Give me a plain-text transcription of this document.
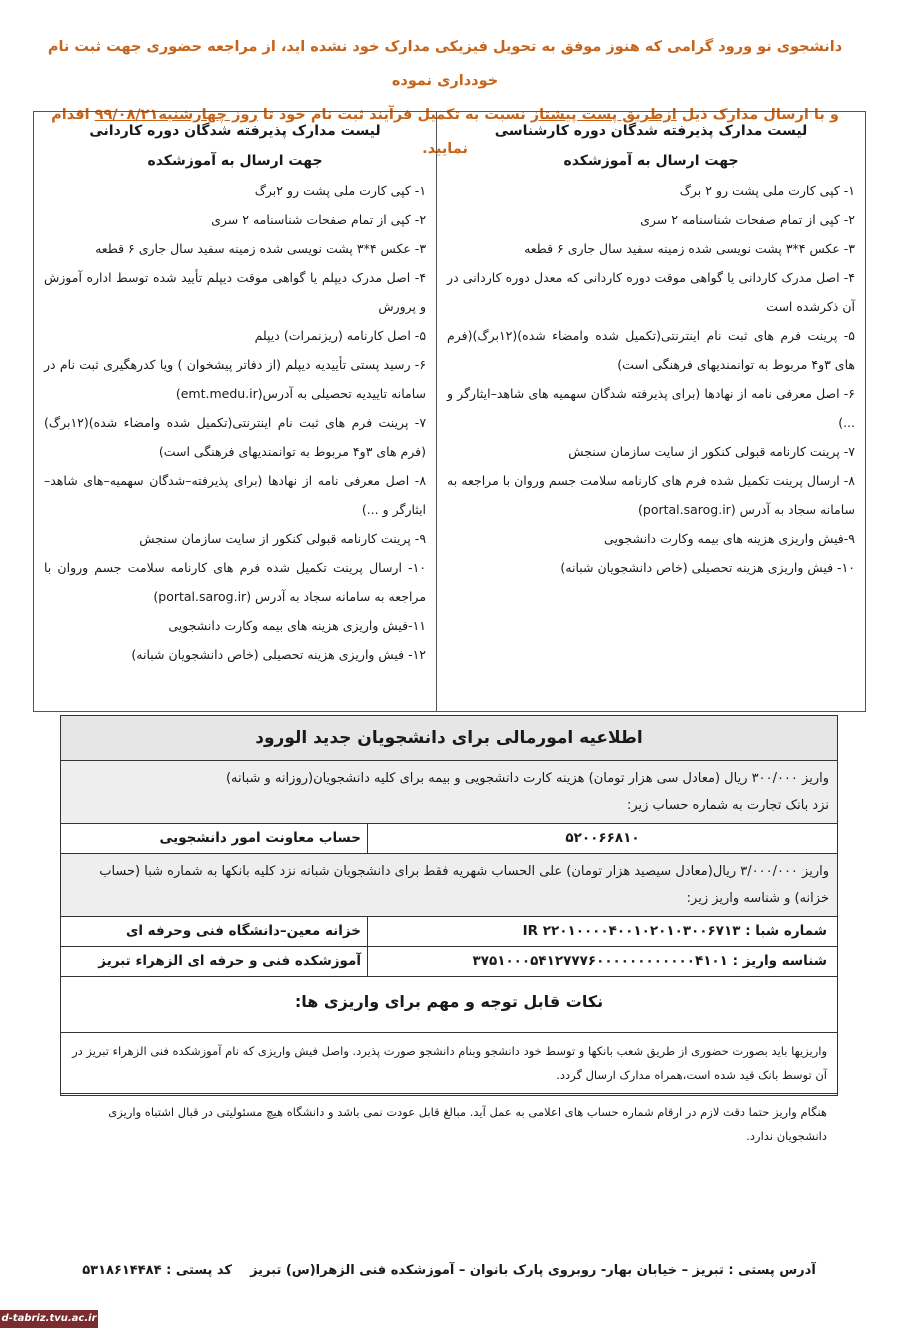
دانشجوی نو ورود گرامی که هنوز موفق به تحویل فیزیکی مدارک خود نشده اید، از مراجعه حضوری جهت ثبت نام خودداری نموده
و با ارسال مدارک ذیل ازطریق پست پیشتاز نسبت به تکمیل فرآیند ثبت نام خود تا روز چهارشنبه۹۹/۰۸/۲۱ اقدام نمایید.
لیست مدارک پذیرفته شدگان دوره کارشناسی
جهت ارسال به آموزشکده
۱- کپی کارت ملی پشت رو ۲ برگ
۲- کپی از تمام صفحات شناسنامه ۲ سری
۳- عکس ۴*۳ پشت نویسی شده زمینه سفید سال جاری ۶ قطعه
۴- اصل مدرک کاردانی یا گواهی موقت دوره کاردانی که معدل دوره کاردانی در آن ذکرشده است
۵- پرینت فرم های ثبت نام اینترنتی(تکمیل شده وامضاء شده)(۱۲برگ)(فرم های ۳و۴ مربوط به توانمندیهای فرهنگی است)
۶- اصل معرفی نامه از نهادها (برای پذیرفته شدگان سهمیه های شاهد–ایثارگر و ...)
۷- پرینت کارنامه قبولی کنکور از سایت سازمان سنجش
۸- ارسال پرینت تکمیل شده فرم های کارنامه سلامت جسم وروان با مراجعه به سامانه سجاد به آدرس (portal.sarog.ir)
۹-فیش واریزی هزینه های بیمه وکارت دانشجویی
۱۰- فیش واریزی هزینه تحصیلی (خاص دانشجویان شبانه)
لیست مدارک پذیرفته شدگان دوره کاردانی
جهت ارسال به آموزشکده
۱- کپی کارت ملی پشت رو ۲برگ
۲- کپی از تمام صفحات شناسنامه ۲ سری
۳- عکس ۴*۳ پشت نویسی شده زمینه سفید سال جاری ۶ قطعه
۴- اصل مدرک دیپلم یا گواهی موقت دیپلم تأیید شده توسط اداره آموزش و پرورش
۵- اصل کارنامه (ریزنمرات) دیپلم
۶- رسید پستی تأییدیه دیپلم (از دفاتر پیشخوان ) ویا کدرهگیری ثبت نام در سامانه تاییدیه تحصیلی به آدرس(emt.medu.ir)
۷- پرینت فرم های ثبت نام اینترنتی(تکمیل شده وامضاء شده)(۱۲برگ)(فرم های ۳و۴ مربوط به توانمندیهای فرهنگی است)
۸- اصل معرفی نامه از نهادها (برای پذیرفته–شدگان سهمیه–های شاهد–ایثارگر و ...)
۹- پرینت کارنامه قبولی کنکور از سایت سازمان سنجش
۱۰- ارسال پرینت تکمیل شده فرم های کارنامه سلامت جسم وروان با مراجعه به سامانه سجاد به آدرس (portal.sarog.ir)
۱۱-فیش واریزی هزینه های بیمه وکارت دانشجویی
۱۲- فیش واریزی هزینه تحصیلی (خاص دانشجویان شبانه)
اطلاعیه امورمالی برای دانشجویان جدید الورود
واریز ۳۰۰/۰۰۰ ریال (معادل سی هزار تومان) هزینه کارت دانشجویی و بیمه برای کلیه دانشجویان(روزانه و شبانه)
نزد بانک تجارت به شماره حساب زیر:
۵۲۰۰۶۶۸۱۰
حساب معاونت امور دانشجویی
واریز ۳/۰۰۰/۰۰۰ ریال(معادل سیصید هزار تومان) علی الحساب شهریه فقط برای دانشجویان شبانه نزد کلیه بانکها به شماره شبا (حساب خزانه) و شناسه واریز زیر:
شماره شبا : IR ۲۲۰۱۰۰۰۰۴۰۰۱۰۲۰۱۰۳۰۰۶۷۱۳
خزانه معین–دانشگاه فنی وحرفه ای
شناسه واریز : ۳۷۵۱۰۰۰۵۴۱۲۷۷۷۶۰۰۰۰۰۰۰۰۰۰۰۰۴۱۰۱
آموزشکده فنی و حرفه ای الزهراء تبریز
نکات قابل توجه و مهم برای واریزی ها:
واریزیها باید بصورت حضوری از طریق شعب بانکها و توسط خود دانشجو وبنام دانشجو صورت پذیرد. واصل فیش واریزی که نام آموزشکده فنی الزهراء تبریز در آن توسط بانک قید شده است،همراه مدارک ارسال گردد.
هنگام واریز حتما دقت لازم در ارقام شماره حساب های اعلامی به عمل آید. مبالغ قابل عودت نمی باشد و دانشگاه هیچ مسئولیتی در قبال اشتباه واریزی دانشجویان ندارد.
آدرس پستی : تبریز – خیابان بهار- روبروی پارک بانوان – آموزشکده فنی الزهرا(س) تبریز    کد پستی : ۵۳۱۸۶۱۴۴۸۴
d-tabriz.tvu.ac.ir
